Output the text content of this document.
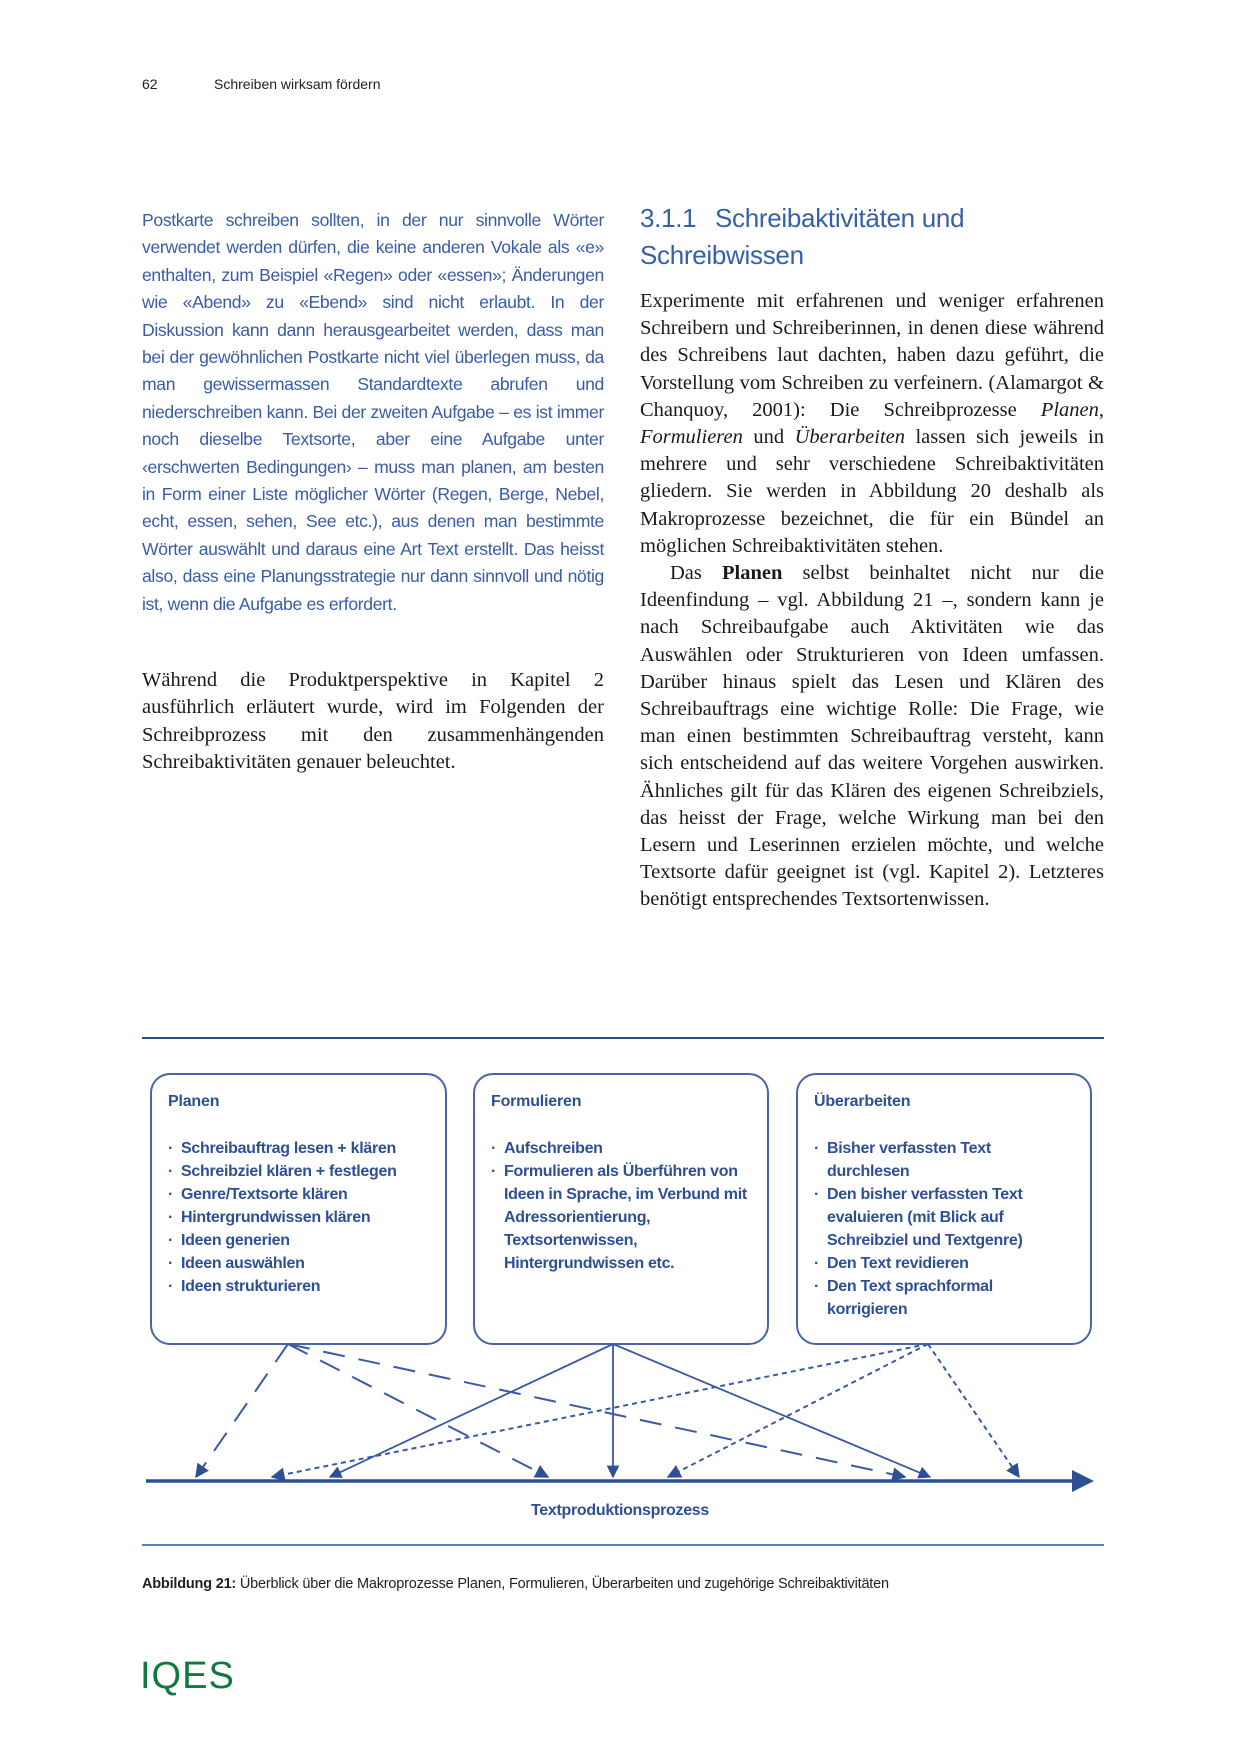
62	Schreiben wirksam fördern

Postkarte schreiben sollten, in der nur sinnvolle Wörter verwendet werden dürfen, die keine anderen Vokale als «e» enthalten, zum Beispiel «Regen» oder «essen»; Änderungen wie «Abend» zu «Ebend» sind nicht erlaubt. In der Diskussion kann dann herausgearbeitet werden, dass man bei der gewöhnlichen Postkarte nicht viel überlegen muss, da man gewissermassen Standardtexte abrufen und niederschreiben kann. Bei der zweiten Aufgabe – es ist immer noch dieselbe Textsorte, aber eine Aufgabe unter ‹erschwerten Bedingungen› – muss man planen, am besten in Form einer Liste möglicher Wörter (Regen, Berge, Nebel, echt, essen, sehen, See etc.), aus denen man bestimmte Wörter auswählt und daraus eine Art Text erstellt. Das heisst also, dass eine Planungsstrategie nur dann sinnvoll und nötig ist, wenn die Aufgabe es erfordert.

Während die Produktperspektive in Kapitel 2 ausführlich erläutert wurde, wird im Folgenden der Schreibprozess mit den zusammenhängenden Schreibaktivitäten genauer beleuchtet.

3.1.1 Schreibaktivitäten und Schreibwissen

Experimente mit erfahrenen und weniger erfahrenen Schreibern und Schreiberinnen, in denen diese während des Schreibens laut dachten, haben dazu geführt, die Vorstellung vom Schreiben zu verfeinern. (Alamargot & Chanquoy, 2001): Die Schreibprozesse Planen, Formulieren und Überarbeiten lassen sich jeweils in mehrere und sehr verschiedene Schreibaktivitäten gliedern. Sie werden in Abbildung 20 deshalb als Makroprozesse bezeichnet, die für ein Bündel an möglichen Schreibaktivitäten stehen.

Das Planen selbst beinhaltet nicht nur die Ideenfindung – vgl. Abbildung 21 –, sondern kann je nach Schreibaufgabe auch Aktivitäten wie das Auswählen oder Strukturieren von Ideen umfassen. Darüber hinaus spielt das Lesen und Klären des Schreibauftrags eine wichtige Rolle: Die Frage, wie man einen bestimmten Schreibauftrag versteht, kann sich entscheidend auf das weitere Vorgehen auswirken. Ähnliches gilt für das Klären des eigenen Schreibziels, das heisst der Frage, welche Wirkung man bei den Lesern und Leserinnen erzielen möchte, und welche Textsorte dafür geeignet ist (vgl. Kapitel 2). Letzteres benötigt entsprechendes Textsortenwissen.

Planen
· Schreibauftrag lesen + klären
· Schreibziel klären + festlegen
· Genre/Textsorte klären
· Hintergrundwissen klären
· Ideen generien
· Ideen auswählen
· Ideen strukturieren
Formulieren
· Aufschreiben
· Formulieren als Überführen von Ideen in Sprache, im Verbund mit Adressorientierung, Textsortenwissen, Hintergrundwissen etc.
Überarbeiten
· Bisher verfassten Text durchlesen
· Den bisher verfassten Text evaluieren (mit Blick auf Schreibziel und Textgenre)
· Den Text revidieren
· Den Text sprachformal korrigieren
Textproduktionsprozess
Abbildung 21: Überblick über die Makroprozesse Planen, Formulieren, Überarbeiten und zugehörige Schreibaktivitäten
IQES
